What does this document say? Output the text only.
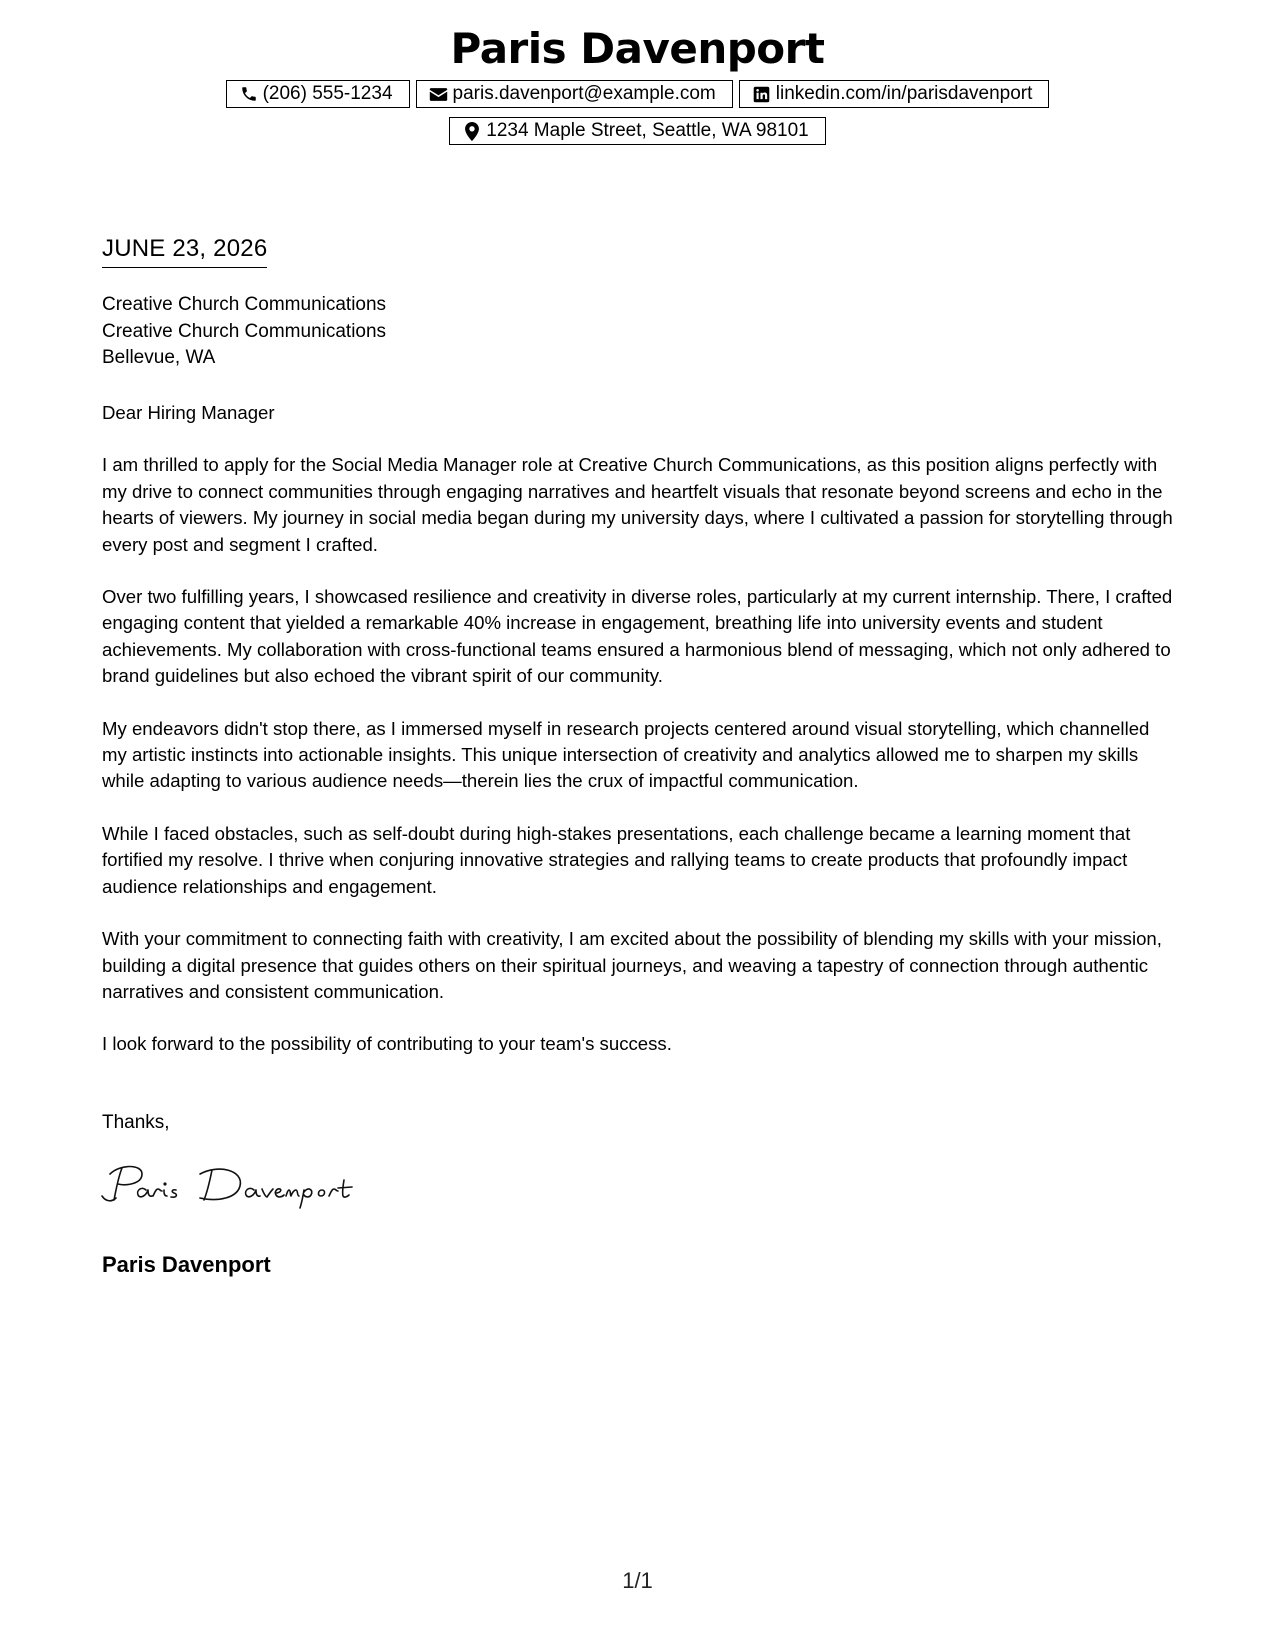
Paris Davenport
(206) 555-1234	paris.davenport@example.com	linkedin.com/in/parisdavenport
1234 Maple Street, Seattle, WA 98101
JUNE 23, 2026
Creative Church Communications
Creative Church Communications
Bellevue, WA

Dear Hiring Manager

I am thrilled to apply for the Social Media Manager role at Creative Church Communications, as this position aligns perfectly with my drive to connect communities through engaging narratives and heartfelt visuals that resonate beyond screens and echo in the hearts of viewers. My journey in social media began during my university days, where I cultivated a passion for storytelling through every post and segment I crafted.

Over two fulfilling years, I showcased resilience and creativity in diverse roles, particularly at my current internship. There, I crafted engaging content that yielded a remarkable 40% increase in engagement, breathing life into university events and student achievements. My collaboration with cross-functional teams ensured a harmonious blend of messaging, which not only adhered to brand guidelines but also echoed the vibrant spirit of our community.

My endeavors didn't stop there, as I immersed myself in research projects centered around visual storytelling, which channelled my artistic instincts into actionable insights. This unique intersection of creativity and analytics allowed me to sharpen my skills while adapting to various audience needs—therein lies the crux of impactful communication.

While I faced obstacles, such as self-doubt during high-stakes presentations, each challenge became a learning moment that fortified my resolve. I thrive when conjuring innovative strategies and rallying teams to create products that profoundly impact audience relationships and engagement.

With your commitment to connecting faith with creativity, I am excited about the possibility of blending my skills with your mission, building a digital presence that guides others on their spiritual journeys, and weaving a tapestry of connection through authentic narratives and consistent communication.

I look forward to the possibility of contributing to your team's success.

Thanks,
Paris Davenport
1/1
